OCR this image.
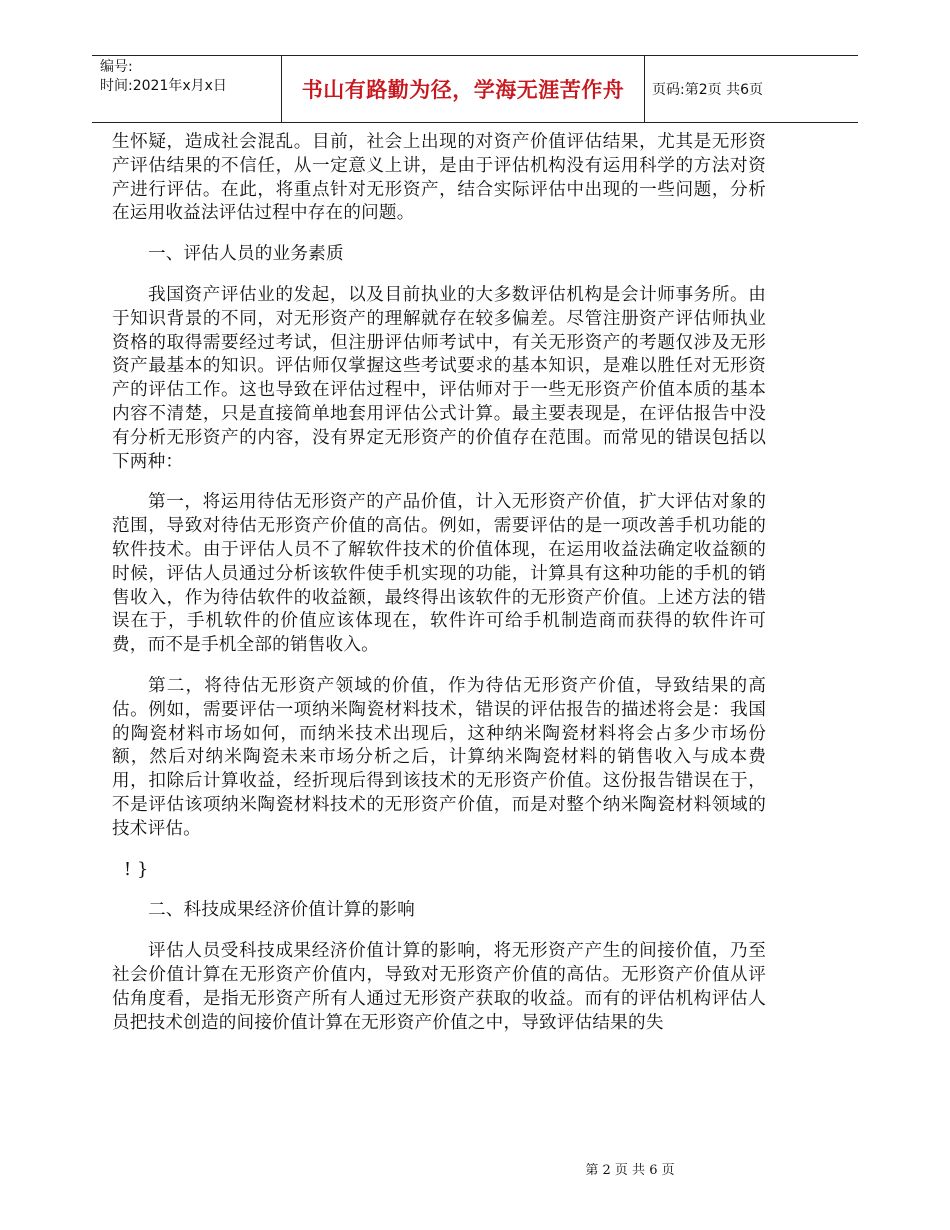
编号:
时间:2021年x月x日	书山有路勤为径，学海无涯苦作舟	页码:第2页 共6页

生怀疑，造成社会混乱。目前，社会上出现的对资产价值评估结果，尤其是无形资产评估结果的不信任，从一定意义上讲，是由于评估机构没有运用科学的方法对资产进行评估。在此，将重点针对无形资产，结合实际评估中出现的一些问题，分析在运用收益法评估过程中存在的问题。

一、评估人员的业务素质

我国资产评估业的发起，以及目前执业的大多数评估机构是会计师事务所。由于知识背景的不同，对无形资产的理解就存在较多偏差。尽管注册资产评估师执业资格的取得需要经过考试，但注册评估师考试中，有关无形资产的考题仅涉及无形资产最基本的知识。评估师仅掌握这些考试要求的基本知识，是难以胜任对无形资产的评估工作。这也导致在评估过程中，评估师对于一些无形资产价值本质的基本内容不清楚，只是直接简单地套用评估公式计算。最主要表现是，在评估报告中没有分析无形资产的内容，没有界定无形资产的价值存在范围。而常见的错误包括以下两种：

第一，将运用待估无形资产的产品价值，计入无形资产价值，扩大评估对象的范围，导致对待估无形资产价值的高估。例如，需要评估的是一项改善手机功能的软件技术。由于评估人员不了解软件技术的价值体现，在运用收益法确定收益额的时候，评估人员通过分析该软件使手机实现的功能，计算具有这种功能的手机的销售收入，作为待估软件的收益额，最终得出该软件的无形资产价值。上述方法的错误在于，手机软件的价值应该体现在，软件许可给手机制造商而获得的软件许可费，而不是手机全部的销售收入。

第二，将待估无形资产领域的价值，作为待估无形资产价值，导致结果的高估。例如，需要评估一项纳米陶瓷材料技术，错误的评估报告的描述将会是：我国的陶瓷材料市场如何，而纳米技术出现后，这种纳米陶瓷材料将会占多少市场份额，然后对纳米陶瓷未来市场分析之后，计算纳米陶瓷材料的销售收入与成本费用，扣除后计算收益，经折现后得到该技术的无形资产价值。这份报告错误在于，不是评估该项纳米陶瓷材料技术的无形资产价值，而是对整个纳米陶瓷材料领域的技术评估。

! }

二、科技成果经济价值计算的影响

评估人员受科技成果经济价值计算的影响，将无形资产产生的间接价值，乃至社会价值计算在无形资产价值内，导致对无形资产价值的高估。无形资产价值从评估角度看，是指无形资产所有人通过无形资产获取的收益。而有的评估机构评估人员把技术创造的间接价值计算在无形资产价值之中，导致评估结果的失

第 2 页 共 6 页
